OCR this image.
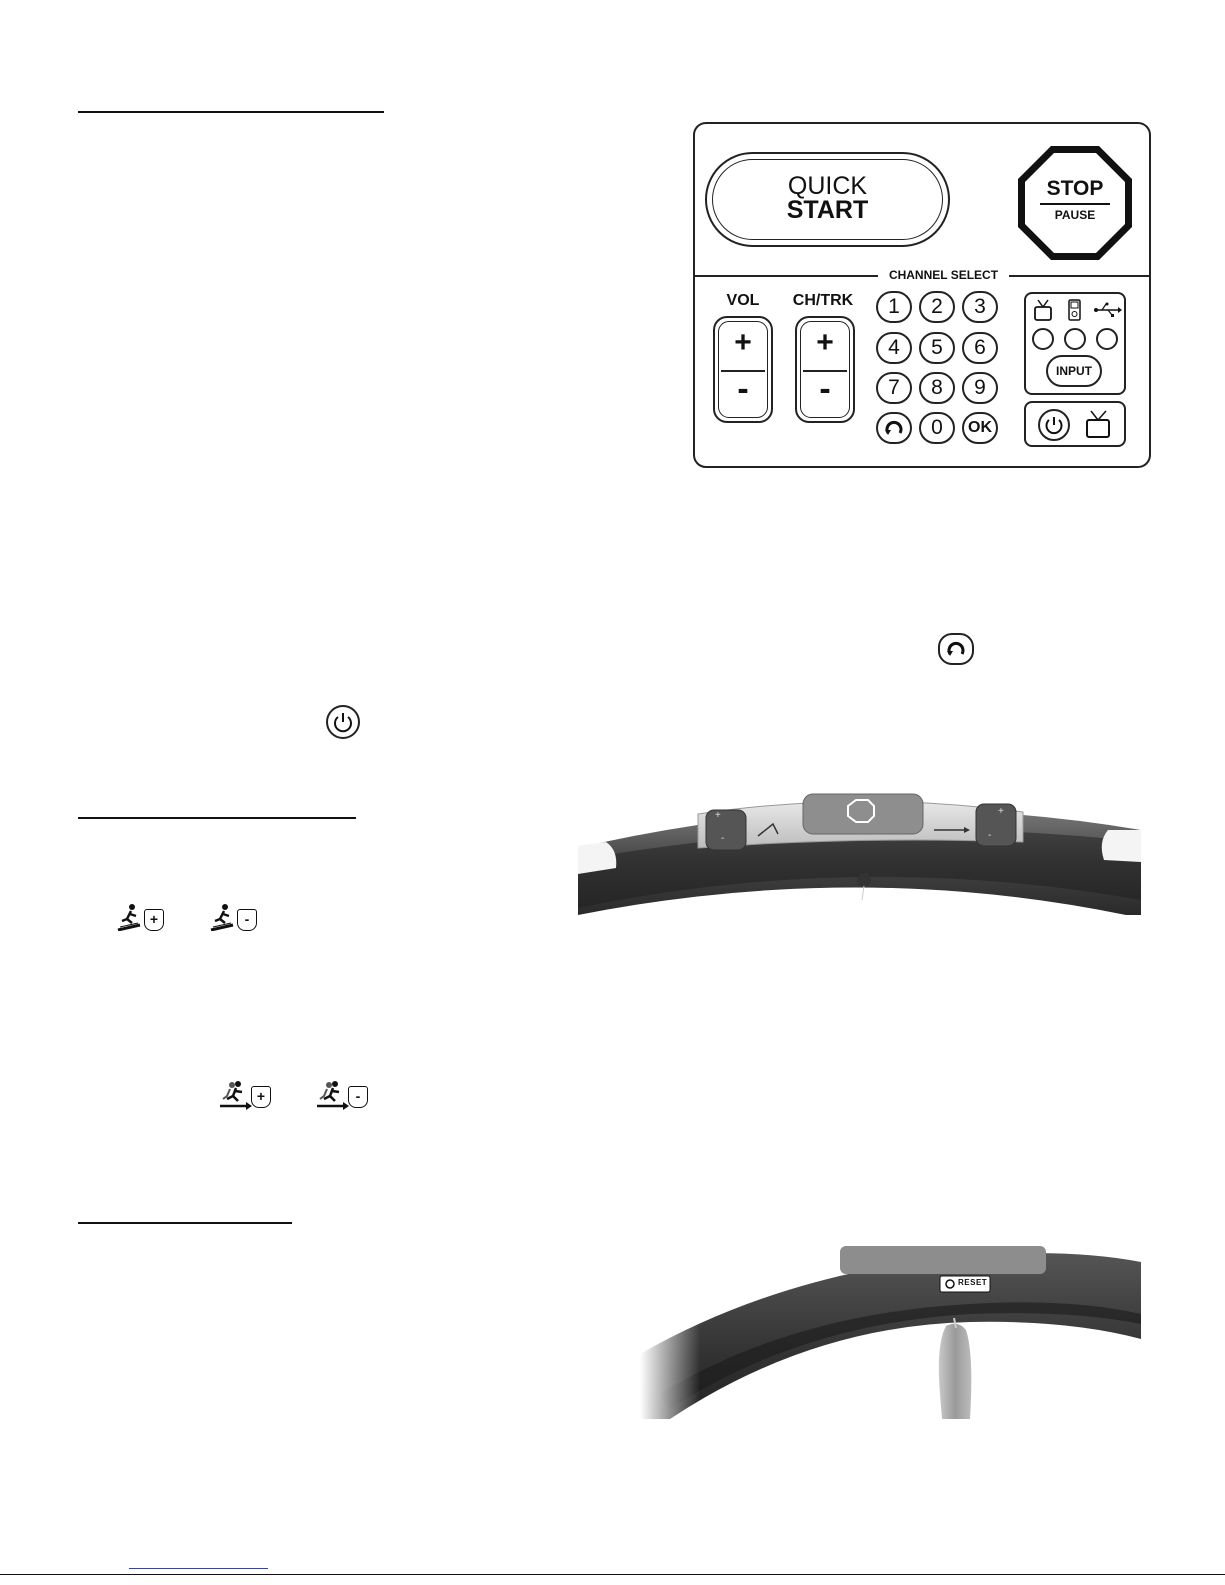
QUICK
START
STOP
PAUSE
CHANNEL SELECT
VOL
+
-
CH/TRK
+
-
1	2	3
4	5	6
7	8	9
0	OK
INPUT
+
-
+
-
+	-
+	-
RESET
